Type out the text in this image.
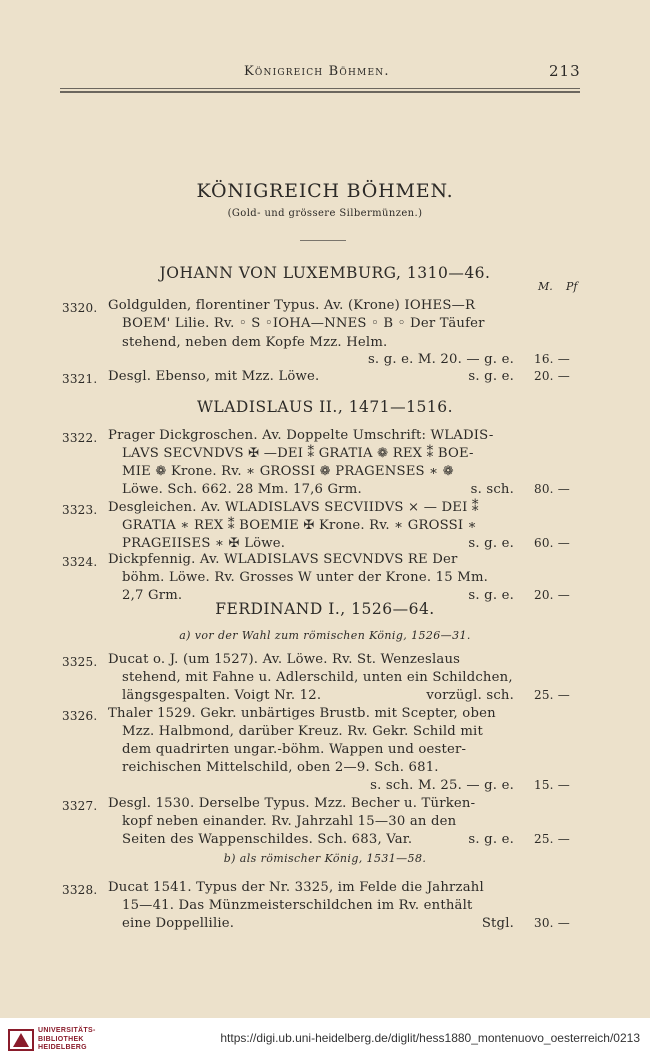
Königreich Böhmen.	213
KÖNIGREICH BÖHMEN.
(Gold- und grössere Silbermünzen.)
JOHANN VON LUXEMBURG, 1310—46.
M. Pf
WLADISLAUS II., 1471—1516.
FERDINAND I., 1526—64.
a) vor der Wahl zum römischen König, 1526—31.
b) als römischer König, 1531—58.
3320. Goldgulden, florentiner Typus. Av. (Krone) IOHES—R
BOEM' Lilie. Rv. ◦ S ◦IOHA—NNES ◦ B ◦ Der Täufer
stehend, neben dem Kopfe Mzz. Helm.
s. g. e. M. 20. — g. e. 16. —
3321. Desgl. Ebenso, mit Mzz. Löwe.	s. g. e. 20. —
3322. Prager Dickgroschen. Av. Doppelte Umschrift: WLADIS-
LAVS SECVNDVS ✠ —DEI ⁑ GRATIA ❁ REX ⁑ BOE-
MIE ❁ Krone. Rv. ∗ GROSSI ❁ PRAGENSES ∗ ❁
Löwe. Sch. 662. 28 Mm. 17,6 Grm.	s. sch. 80. —
3323. Desgleichen. Av. WLADISLAVS SECVIIDVS × — DEI ⁑
GRATIA ∗ REX ⁑ BOEMIE ✠ Krone. Rv. ∗ GROSSI ∗
PRAGEIISES ∗ ✠ Löwe.	s. g. e. 60. —
3324. Dickpfennig. Av. WLADISLAVS SECVNDVS RE Der
böhm. Löwe. Rv. Grosses W unter der Krone. 15 Mm.
2,7 Grm.	s. g. e. 20. —
3325. Ducat o. J. (um 1527). Av. Löwe. Rv. St. Wenzeslaus
stehend, mit Fahne u. Adlerschild, unten ein Schildchen,
längsgespalten. Voigt Nr. 12.	vorzügl. sch. 25. —
3326. Thaler 1529. Gekr. unbärtiges Brustb. mit Scepter, oben
Mzz. Halbmond, darüber Kreuz. Rv. Gekr. Schild mit
dem quadrirten ungar.-böhm. Wappen und oester-
reichischen Mittelschild, oben 2—9. Sch. 681.
s. sch. M. 25. — g. e. 15. —
3327. Desgl. 1530. Derselbe Typus. Mzz. Becher u. Türken-
kopf neben einander. Rv. Jahrzahl 15—30 an den
Seiten des Wappenschildes. Sch. 683, Var.	s. g. e. 25. —
3328. Ducat 1541. Typus der Nr. 3325, im Felde die Jahrzahl
15—41. Das Münzmeisterschildchen im Rv. enthält
eine Doppellilie.	Stgl. 30. —
UNIVERSITÄTS-
BIBLIOTHEK
HEIDELBERG
https://digi.ub.uni-heidelberg.de/diglit/hess1880_montenuovo_oesterreich/0213
